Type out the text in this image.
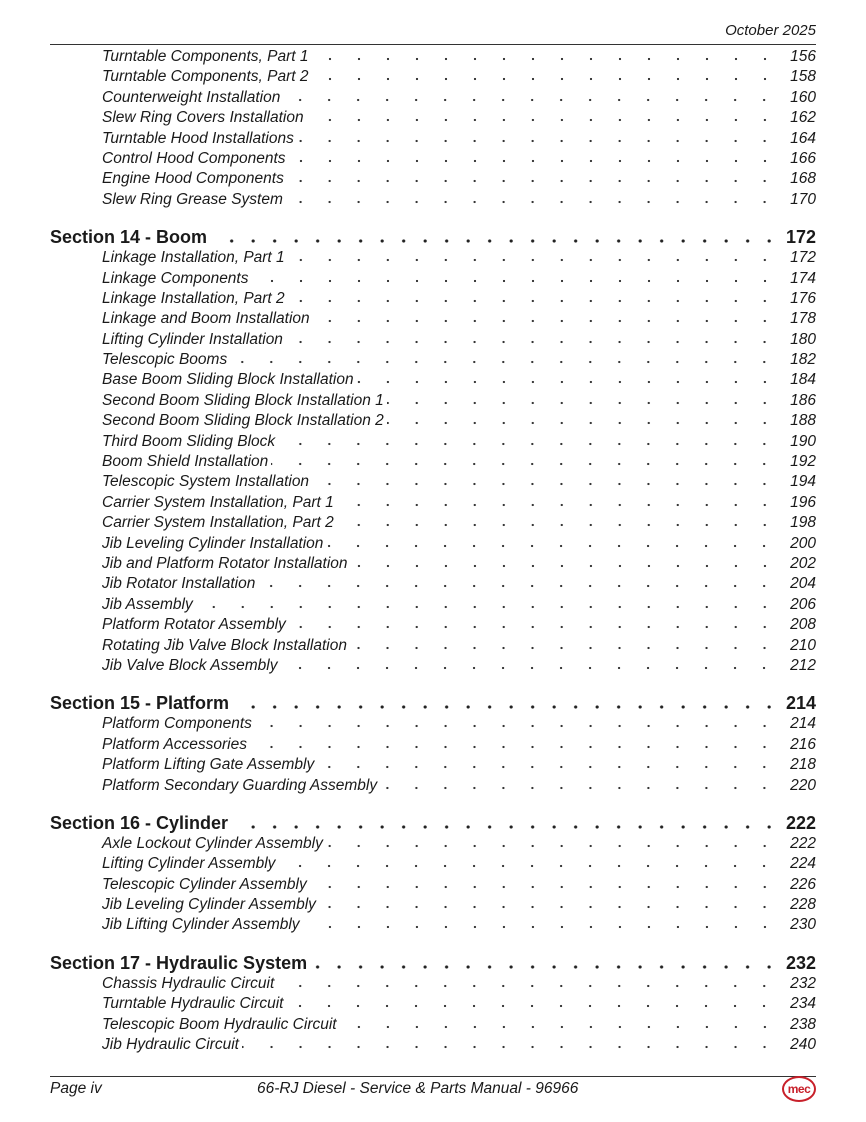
October 2025
Turntable Components, Part 1	156
Turntable Components, Part 2	158
Counterweight Installation	160
Slew Ring Covers Installation	162
Turntable Hood Installations	164
Control Hood Components	166
Engine Hood Components	168
Slew Ring Grease System	170
Section 14 - Boom	172
Linkage Installation, Part 1	172
Linkage Components	174
Linkage Installation, Part 2	176
Linkage and Boom Installation	178
Lifting Cylinder Installation	180
Telescopic Booms	182
Base Boom Sliding Block Installation	184
Second Boom Sliding Block Installation 1	186
Second Boom Sliding Block Installation 2	188
Third Boom Sliding Block	190
Boom Shield Installation	192
Telescopic System Installation	194
Carrier System Installation, Part 1	196
Carrier System Installation, Part 2	198
Jib Leveling Cylinder Installation	200
Jib and Platform Rotator Installation	202
Jib Rotator Installation	204
Jib Assembly	206
Platform Rotator Assembly	208
Rotating Jib Valve Block Installation	210
Jib Valve Block Assembly	212
Section 15 - Platform	214
Platform Components	214
Platform Accessories	216
Platform Lifting Gate Assembly	218
Platform Secondary Guarding Assembly	220
Section 16 - Cylinder	222
Axle Lockout Cylinder Assembly	222
Lifting Cylinder Assembly	224
Telescopic Cylinder Assembly	226
Jib Leveling Cylinder Assembly	228
Jib Lifting Cylinder Assembly	230
Section 17 - Hydraulic System	232
Chassis Hydraulic Circuit	232
Turntable Hydraulic Circuit	234
Telescopic Boom Hydraulic Circuit	238
Jib Hydraulic Circuit	240
Page iv	66-RJ Diesel - Service & Parts Manual - 96966	mec
